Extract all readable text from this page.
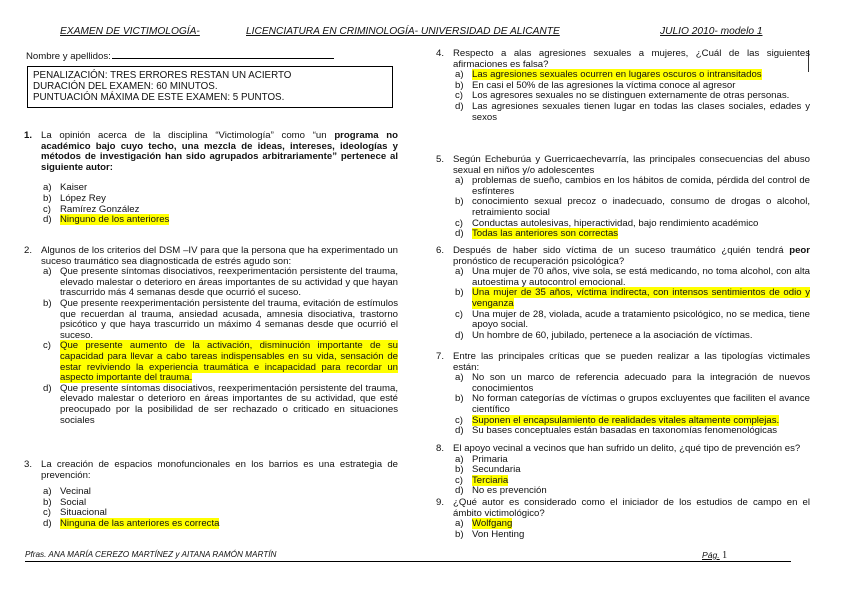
EXAMEN DE VICTIMOLOGÍA-	LICENCIATURA EN CRIMINOLOGÍA- UNIVERSIDAD DE ALICANTE	JULIO 2010- modelo 1
Nombre y apellidos:
PENALIZACIÓN: TRES ERRORES RESTAN UN ACIERTO
DURACIÓN DEL EXAMEN: 60 MINUTOS.
PUNTUACIÓN MÁXIMA DE ESTE EXAMEN: 5 PUNTOS.
1. La opinión acerca de la disciplina “Victimología” como “un programa no académico bajo cuyo techo, una mezcla de ideas, intereses, ideologías y métodos de investigación han sido agrupados arbitrariamente” pertenece al siguiente autor:
a) Kaiser
b) López Rey
c) Ramírez González
d) Ninguno de los anteriores
2. Algunos de los criterios del DSM –IV para que la persona que ha experimentado un suceso traumático sea diagnosticada de estrés agudo son:
a) Que presente síntomas disociativos, reexperimentación persistente del trauma, elevado malestar o deterioro en áreas importantes de su actividad y que hayan trascurrido más 4 semanas desde que ocurrió el suceso.
b) Que presente reexperimentación persistente del trauma, evitación de estímulos que recuerdan al trauma, ansiedad acusada, amnesia disociativa, trastorno psicótico y que haya trascurrido un máximo 4 semanas desde que ocurrió el suceso.
c) Que presente aumento de la activación, disminución importante de su capacidad para llevar a cabo tareas indispensables en su vida, sensación de estar reviviendo la experiencia traumática e incapacidad para recordar un aspecto importante del trauma.
d) Que presente síntomas disociativos, reexperimentación persistente del trauma, elevado malestar o deterioro en áreas importantes de su actividad, que esté preocupado por la posibilidad de ser rechazado o criticado en situaciones sociales
3. La creación de espacios monofuncionales en los barrios es una estrategia de prevención:
a) Vecinal
b) Social
c) Situacional
d) Ninguna de las anteriores es correcta
4. Respecto a alas agresiones sexuales a mujeres, ¿Cuál de las siguientes afirmaciones es falsa?
a) Las agresiones sexuales ocurren en lugares oscuros o intransitados
b) En casi el 50% de las agresiones la víctima conoce al agresor
c) Los agresores sexuales no se distinguen externamente de otras personas.
d) Las agresiones sexuales tienen lugar en todas las clases sociales, edades y sexos
5. Según Echeburúa y Guerricaechevarría, las principales consecuencias del abuso sexual en niños y/o adolescentes
a) problemas de sueño, cambios en los hábitos de comida, pérdida del control de esfínteres
b) conocimiento sexual precoz o inadecuado, consumo de drogas o alcohol, retraimiento social
c) Conductas autolesivas, hiperactividad, bajo rendimiento académico
d) Todas las anteriores son correctas
6. Después de haber sido víctima de un suceso traumático ¿quién tendrá peor pronóstico de recuperación psicológica?
a) Una mujer de 70 años, vive sola, se está medicando, no toma alcohol, con alta autoestima y autocontrol emocional.
b) Una mujer de 35 años, víctima indirecta, con intensos sentimientos de odio y venganza
c) Una mujer de 28, violada, acude a tratamiento psicológico, no se medica, tiene apoyo social.
d) Un hombre de 60, jubilado, pertenece a la asociación de víctimas.
7. Entre las principales críticas que se pueden realizar a las tipologías victimales están:
a) No son un marco de referencia adecuado para la integración de nuevos conocimientos
b) No forman categorías de víctimas o grupos excluyentes que faciliten el avance científico
c) Suponen el encapsulamiento de realidades vitales altamente complejas.
d) Su bases conceptuales están basadas en taxonomías fenomenológicas
8. El apoyo vecinal a vecinos que han sufrido un delito, ¿qué tipo de prevención es?
a) Primaria
b) Secundaria
c) Terciaria
d) No es prevención
9. ¿Qué autor es considerado como el iniciador de los estudios de campo en el ámbito victimológico?
a) Wolfgang
b) Von Henting
Pfras. ANA MARÍA CEREZO MARTÍNEZ y AITANA RAMÓN MARTÍN	Pág. 1
